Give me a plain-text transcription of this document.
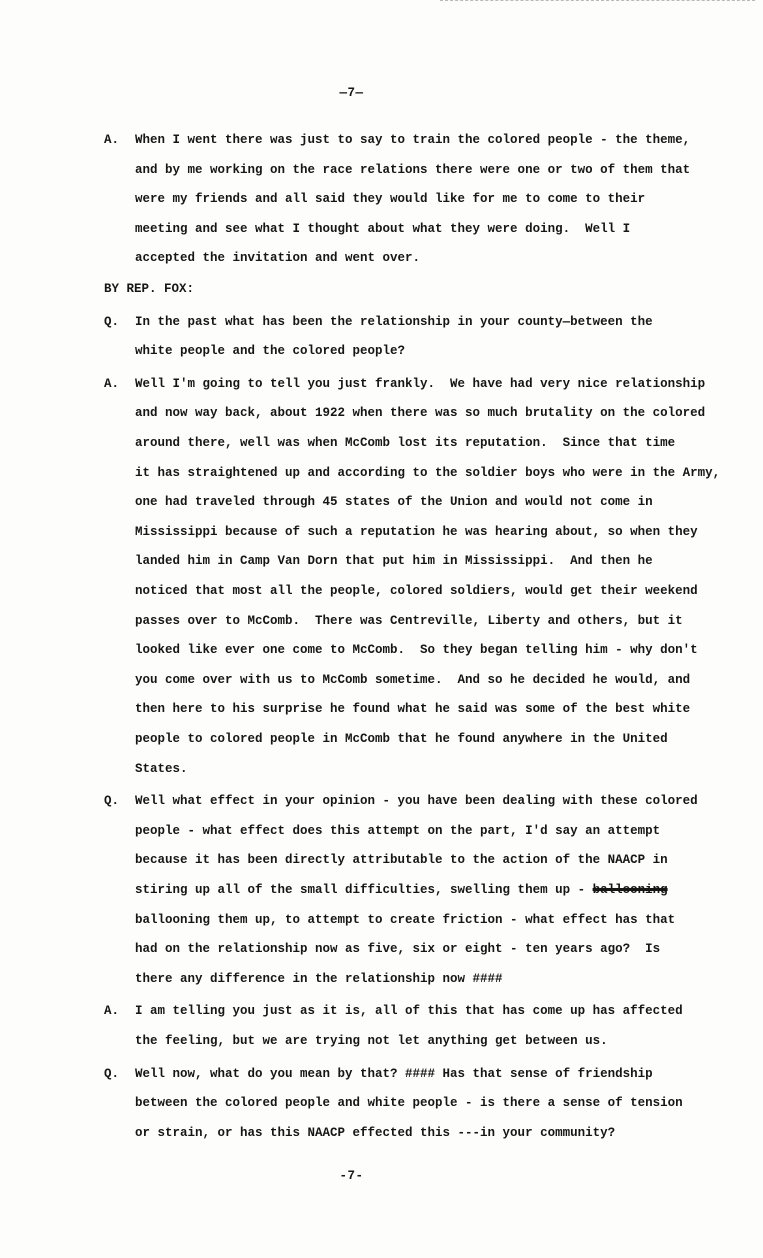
—7—
A. When I went there was just to say to train the colored people - the theme,
and by me working on the race relations there were one or two of them that
were my friends and all said they would like for me to come to their
meeting and see what I thought about what they were doing.  Well I
accepted the invitation and went over.
BY REP. FOX:
Q. In the past what has been the relationship in your county—between the
white people and the colored people?
A. Well I'm going to tell you just frankly.  We have had very nice relationship
and now way back, about 1922 when there was so much brutality on the colored
around there, well was when McComb lost its reputation.  Since that time
it has straightened up and according to the soldier boys who were in the Army,
one had traveled through 45 states of the Union and would not come in
Mississippi because of such a reputation he was hearing about, so when they
landed him in Camp Van Dorn that put him in Mississippi.  And then he
noticed that most all the people, colored soldiers, would get their weekend
passes over to McComb.  There was Centreville, Liberty and others, but it
looked like ever one come to McComb.  So they began telling him - why don't
you come over with us to McComb sometime.  And so he decided he would, and
then here to his surprise he found what he said was some of the best white
people to colored people in McComb that he found anywhere in the United
States.
Q. Well what effect in your opinion - you have been dealing with these colored
people - what effect does this attempt on the part, I'd say an attempt
because it has been directly attributable to the action of the NAACP in
stiring up all of the small difficulties, swelling them up - ballooning
ballooning them up, to attempt to create friction - what effect has that
had on the relationship now as five, six or eight - ten years ago?  Is
there any difference in the relationship now ####
A. I am telling you just as it is, all of this that has come up has affected
the feeling, but we are trying not let anything get between us.
Q. Well now, what do you mean by that? #### Has that sense of friendship
between the colored people and white people - is there a sense of tension
or strain, or has this NAACP effected this ---in your community?
-7-
